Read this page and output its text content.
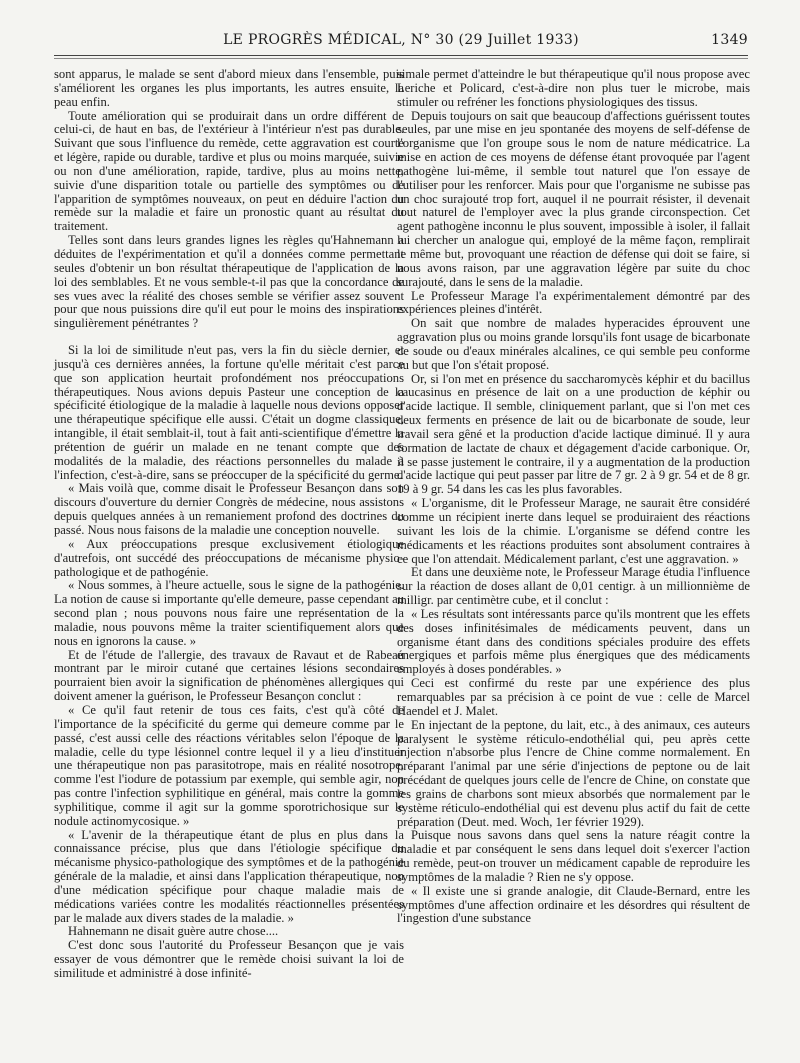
LE PROGRÈS MÉDICAL, N° 30 (29 Juillet 1933)	1349

sont apparus, le malade se sent d'abord mieux dans l'ensemble, puis s'améliorent les organes les plus importants, les autres ensuite, la peau enfin.

Toute amélioration qui se produirait dans un ordre différent de celui-ci, de haut en bas, de l'extérieur à l'intérieur n'est pas durable. Suivant que sous l'influence du remède, cette aggravation est courte et légère, rapide ou durable, tardive et plus ou moins marquée, suivie ou non d'une amélioration, rapide, tardive, plus au moins nette, suivie d'une disparition totale ou partielle des symptômes ou de l'apparition de symptômes nouveaux, on peut en déduire l'action du remède sur la maladie et faire un pronostic quant au résultat du traitement.

Telles sont dans leurs grandes lignes les règles qu'Hahnemann a déduites de l'expérimentation et qu'il a données comme permettant seules d'obtenir un bon résultat thérapeutique de l'application de la loi des semblables. Et ne vous semble-t-il pas que la concordance de ses vues avec la réalité des choses semble se vérifier assez souvent pour que nous puissions dire qu'il eut pour le moins des inspirations singulièrement pénétrantes ?

Si la loi de similitude n'eut pas, vers la fin du siècle dernier, et jusqu'à ces dernières années, la fortune qu'elle méritait c'est parce que son application heurtait profondément nos préoccupations thérapeutiques. Nous avions depuis Pasteur une conception de la spécificité étiologique de la maladie à laquelle nous devions opposer une thérapeutique spécifique elle aussi. C'était un dogme classique, intangible, il était semblait-il, tout à fait anti-scientifique d'émettre la prétention de guérir un malade en ne tenant compte que des modalités de la maladie, des réactions personnelles du malade à l'infection, c'est-à-dire, sans se préoccuper de la spécificité du germe.

« Mais voilà que, comme disait le Professeur Besançon dans son discours d'ouverture du dernier Congrès de médecine, nous assistons depuis quelques années à un remaniement profond des doctrines du passé. Nous nous faisons de la maladie une conception nouvelle.

« Aux préoccupations presque exclusivement étiologique d'autrefois, ont succédé des préoccupations de mécanisme physio-pathologique et de pathogénie.

« Nous sommes, à l'heure actuelle, sous le signe de la pathogénie. La notion de cause si importante qu'elle demeure, passe cependant au second plan ; nous pouvons nous faire une représentation de la maladie, nous pouvons même la traiter scientifiquement alors que nous en ignorons la cause. »

Et de l'étude de l'allergie, des travaux de Ravaut et de Rabeau montrant par le miroir cutané que certaines lésions secondaires pourraient bien avoir la signification de phénomènes allergiques qui doivent amener la guérison, le Professeur Besançon conclut :

« Ce qu'il faut retenir de tous ces faits, c'est qu'à côté de l'importance de la spécificité du germe qui demeure comme par le passé, c'est aussi celle des réactions véritables selon l'époque de la maladie, celle du type lésionnel contre lequel il y a lieu d'instituer une thérapeutique non pas parasitotrope, mais en réalité nosotrope, comme l'est l'iodure de potassium par exemple, qui semble agir, non pas contre l'infection syphilitique en général, mais contre la gomme syphilitique, comme il agit sur la gomme sporotrichosique sur le nodule actinomycosique. »

« L'avenir de la thérapeutique étant de plus en plus dans la connaissance précise, plus que dans l'étiologie spécifique du mécanisme physico-pathologique des symptômes et de la pathogénie générale de la maladie, et ainsi dans l'application thérapeutique, non d'une médication spécifique pour chaque maladie mais de médications variées contre les modalités réactionnelles présentées par le malade aux divers stades de la maladie. »

Hahnemann ne disait guère autre chose....

C'est donc sous l'autorité du Professeur Besançon que je vais essayer de vous démontrer que le remède choisi suivant la loi de similitude et administré à dose infinité-

simale permet d'atteindre le but thérapeutique qu'il nous propose avec Leriche et Policard, c'est-à-dire non plus tuer le microbe, mais stimuler ou refréner les fonctions physiologiques des tissus.

Depuis toujours on sait que beaucoup d'affections guérissent toutes seules, par une mise en jeu spontanée des moyens de self-défense de l'organisme que l'on groupe sous le nom de nature médicatrice. La mise en action de ces moyens de défense étant provoquée par l'agent pathogène lui-même, il semble tout naturel que l'on essaye de l'utiliser pour les renforcer. Mais pour que l'organisme ne subisse pas un choc surajouté trop fort, auquel il ne pourrait résister, il devenait tout naturel de l'employer avec la plus grande circonspection. Cet agent pathogène inconnu le plus souvent, impossible à isoler, il fallait lui chercher un analogue qui, employé de la même façon, remplirait le même but, provoquant une réaction de défense qui doit se faire, si nous avons raison, par une aggravation légère par suite du choc surajouté, dans le sens de la maladie.

Le Professeur Marage l'a expérimentalement démontré par des expériences pleines d'intérêt.

On sait que nombre de malades hyperacides éprouvent une aggravation plus ou moins grande lorsqu'ils font usage de bicarbonate de soude ou d'eaux minérales alcalines, ce qui semble peu conforme au but que l'on s'était proposé.

Or, si l'on met en présence du saccharomycès képhir et du bacillus caucasinus en présence de lait on a une production de képhir ou d'acide lactique. Il semble, cliniquement parlant, que si l'on met ces deux ferments en présence de lait ou de bicarbonate de soude, leur travail sera gêné et la production d'acide lactique diminué. Il y aura formation de lactate de chaux et dégagement d'acide carbonique. Or, il se passe justement le contraire, il y a augmentation de la production d'acide lactique qui peut passer par litre de 7 gr. 2 à 9 gr. 54 et de 8 gr. 19 à 9 gr. 54 dans les cas les plus favorables.

« L'organisme, dit le Professeur Marage, ne saurait être considéré comme un récipient inerte dans lequel se produiraient des réactions suivant les lois de la chimie. L'organisme se défend contre les médicaments et les réactions produites sont absolument contraires à ce que l'on attendait. Médicalement parlant, c'est une aggravation. »

Et dans une deuxième note, le Professeur Marage étudia l'influence sur la réaction de doses allant de 0,01 centigr. à un millionnième de milligr. par centimètre cube, et il conclut :

« Les résultats sont intéressants parce qu'ils montrent que les effets des doses infinitésimales de médicaments peuvent, dans un organisme étant dans des conditions spéciales produire des effets énergiques et parfois même plus énergiques que des médicaments employés à doses pondérables. »

Ceci est confirmé du reste par une expérience des plus remarquables par sa précision à ce point de vue : celle de Marcel Haendel et J. Malet.

En injectant de la peptone, du lait, etc., à des animaux, ces auteurs paralysent le système réticulo-endothélial qui, peu après cette injection n'absorbe plus l'encre de Chine comme normalement. En préparant l'animal par une série d'injections de peptone ou de lait précédant de quelques jours celle de l'encre de Chine, on constate que les grains de charbons sont mieux absorbés que normalement par le système réticulo-endothélial qui est devenu plus actif du fait de cette préparation (Deut. med. Woch, 1er février 1929).

Puisque nous savons dans quel sens la nature réagit contre la maladie et par conséquent le sens dans lequel doit s'exercer l'action du remède, peut-on trouver un médicament capable de reproduire les symptômes de la maladie ? Rien ne s'y oppose.

« Il existe une si grande analogie, dit Claude-Bernard, entre les symptômes d'une affection ordinaire et les désordres qui résultent de l'ingestion d'une substance
